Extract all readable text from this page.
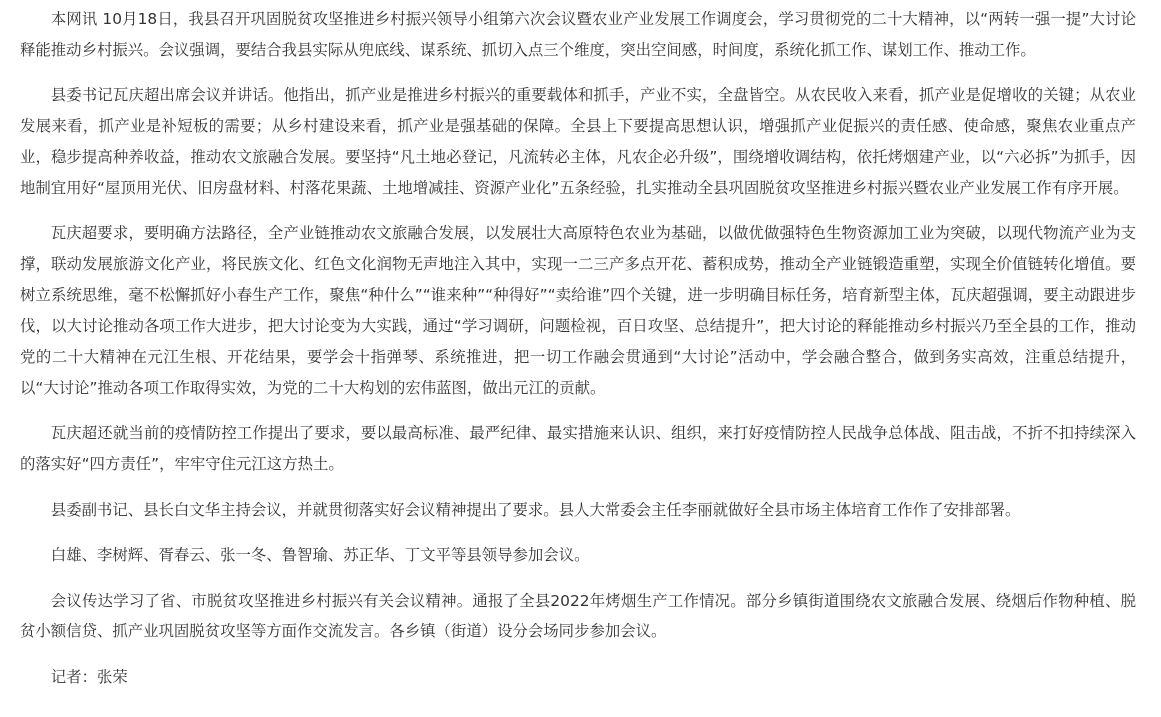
本网讯 10月18日，我县召开巩固脱贫攻坚推进乡村振兴领导小组第六次会议暨农业产业发展工作调度会，学习贯彻党的二十大精神，以“两转一强一提”大讨论释能推动乡村振兴。会议强调，要结合我县实际从兜底线、谋系统、抓切入点三个维度，突出空间感，时间度，系统化抓工作、谋划工作、推动工作。

县委书记瓦庆超出席会议并讲话。他指出，抓产业是推进乡村振兴的重要载体和抓手，产业不实，全盘皆空。从农民收入来看，抓产业是促增收的关键；从农业发展来看，抓产业是补短板的需要；从乡村建设来看，抓产业是强基础的保障。全县上下要提高思想认识，增强抓产业促振兴的责任感、使命感，聚焦农业重点产业，稳步提高种养收益，推动农文旅融合发展。要坚持“凡土地必登记，凡流转必主体，凡农企必升级”，围绕增收调结构，依托烤烟建产业，以“六必拆”为抓手，因地制宜用好“屋顶用光伏、旧房盘材料、村落花果蔬、土地增减挂、资源产业化”五条经验，扎实推动全县巩固脱贫攻坚推进乡村振兴暨农业产业发展工作有序开展。

瓦庆超要求，要明确方法路径，全产业链推动农文旅融合发展，以发展壮大高原特色农业为基础，以做优做强特色生物资源加工业为突破，以现代物流产业为支撑，联动发展旅游文化产业，将民族文化、红色文化润物无声地注入其中，实现一二三产多点开花、蓄积成势，推动全产业链锻造重塑，实现全价值链转化增值。要树立系统思维，毫不松懈抓好小春生产工作，聚焦“种什么”“谁来种”“种得好”“卖给谁”四个关键，进一步明确目标任务，培育新型主体，瓦庆超强调，要主动跟进步伐，以大讨论推动各项工作大进步，把大讨论变为大实践，通过“学习调研，问题检视，百日攻坚、总结提升”，把大讨论的释能推动乡村振兴乃至全县的工作，推动党的二十大精神在元江生根、开花结果，要学会十指弹琴、系统推进，把一切工作融会贯通到“大讨论”活动中，学会融合整合，做到务实高效，注重总结提升，以“大讨论”推动各项工作取得实效，为党的二十大构划的宏伟蓝图，做出元江的贡献。

瓦庆超还就当前的疫情防控工作提出了要求，要以最高标准、最严纪律、最实措施来认识、组织，来打好疫情防控人民战争总体战、阻击战，不折不扣持续深入的落实好“四方责任”，牢牢守住元江这方热土。

县委副书记、县长白文华主持会议，并就贯彻落实好会议精神提出了要求。县人大常委会主任李丽就做好全县市场主体培育工作作了安排部署。

白雄、李树辉、胥春云、张一冬、鲁智瑜、苏正华、丁文平等县领导参加会议。

会议传达学习了省、市脱贫攻坚推进乡村振兴有关会议精神。通报了全县2022年烤烟生产工作情况。部分乡镇街道围绕农文旅融合发展、绕烟后作物种植、脱贫小额信贷、抓产业巩固脱贫攻坚等方面作交流发言。各乡镇（街道）设分会场同步参加会议。

记者：张荣
